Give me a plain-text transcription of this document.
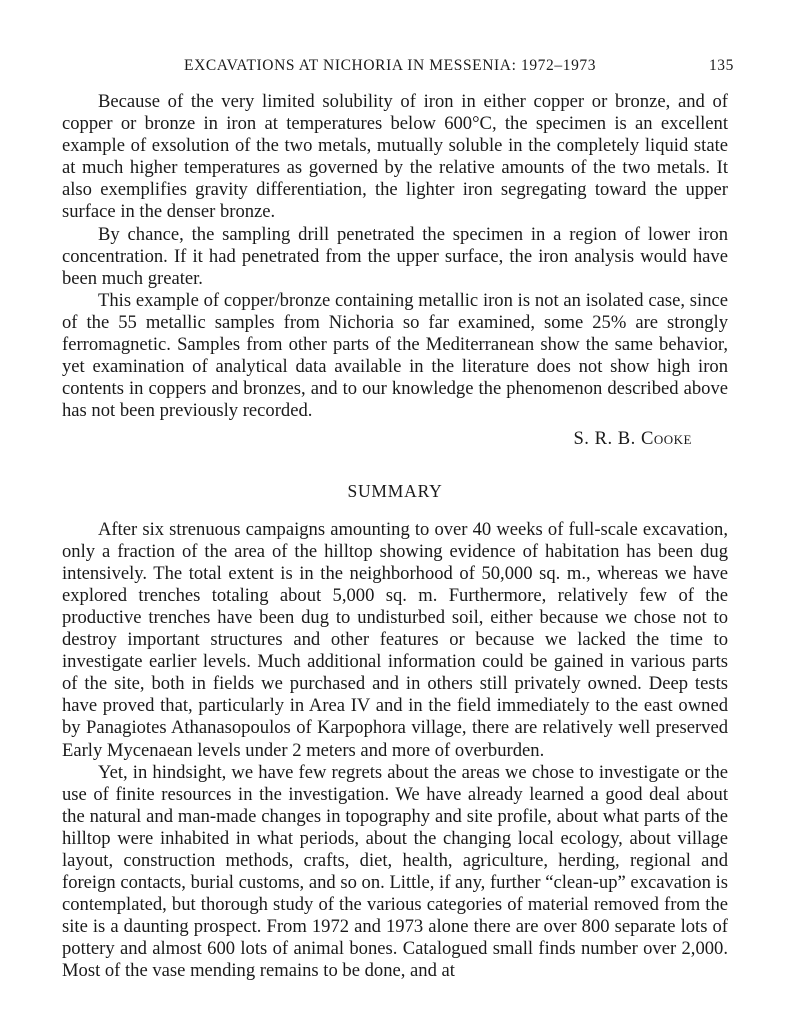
EXCAVATIONS AT NICHORIA IN MESSENIA: 1972–1973	135

Because of the very limited solubility of iron in either copper or bronze, and of copper or bronze in iron at temperatures below 600°C, the specimen is an excellent example of exsolution of the two metals, mutually soluble in the completely liquid state at much higher temperatures as governed by the relative amounts of the two metals. It also exemplifies gravity differentiation, the lighter iron segregating toward the upper surface in the denser bronze.

By chance, the sampling drill penetrated the specimen in a region of lower iron concentration. If it had penetrated from the upper surface, the iron analysis would have been much greater.

This example of copper/bronze containing metallic iron is not an isolated case, since of the 55 metallic samples from Nichoria so far examined, some 25% are strongly ferromagnetic. Samples from other parts of the Mediterranean show the same behavior, yet examination of analytical data available in the literature does not show high iron contents in coppers and bronzes, and to our knowledge the phenomenon described above has not been previously recorded.

S. R. B. Cooke
SUMMARY

After six strenuous campaigns amounting to over 40 weeks of full-scale excavation, only a fraction of the area of the hilltop showing evidence of habitation has been dug intensively. The total extent is in the neighborhood of 50,000 sq. m., whereas we have explored trenches totaling about 5,000 sq. m. Furthermore, relatively few of the productive trenches have been dug to undisturbed soil, either because we chose not to destroy important structures and other features or because we lacked the time to investigate earlier levels. Much additional information could be gained in various parts of the site, both in fields we purchased and in others still privately owned. Deep tests have proved that, particularly in Area IV and in the field immediately to the east owned by Panagiotes Athanasopoulos of Karpophora village, there are relatively well preserved Early Mycenaean levels under 2 meters and more of overburden.

Yet, in hindsight, we have few regrets about the areas we chose to investigate or the use of finite resources in the investigation. We have already learned a good deal about the natural and man-made changes in topography and site profile, about what parts of the hilltop were inhabited in what periods, about the changing local ecology, about village layout, construction methods, crafts, diet, health, agriculture, herding, regional and foreign contacts, burial customs, and so on. Little, if any, further “clean-up” excavation is contemplated, but thorough study of the various categories of material removed from the site is a daunting prospect. From 1972 and 1973 alone there are over 800 separate lots of pottery and almost 600 lots of animal bones. Catalogued small finds number over 2,000. Most of the vase mending remains to be done, and at
